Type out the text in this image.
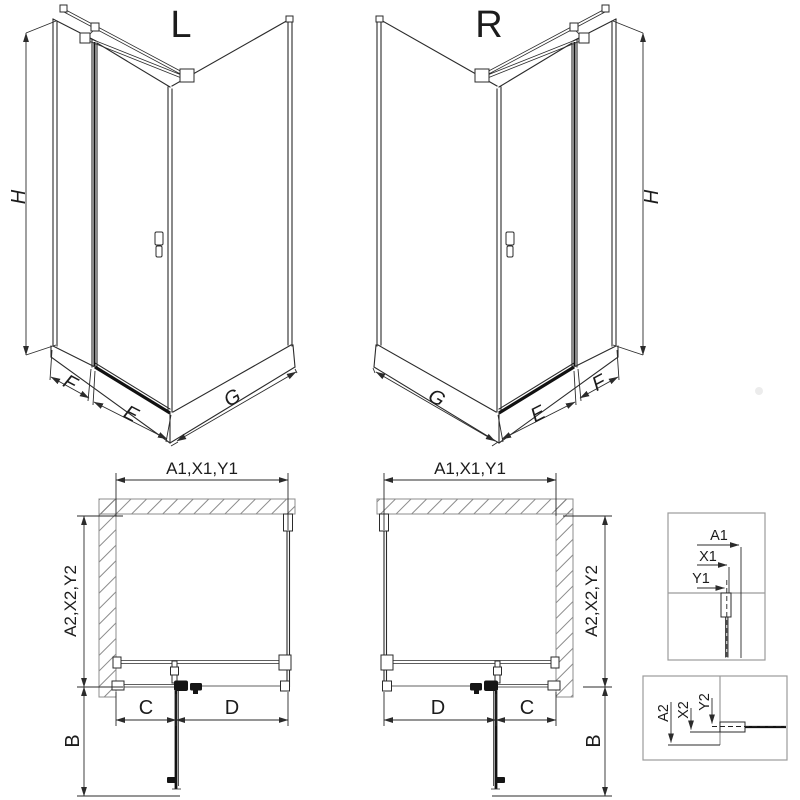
L
H
F
E
G
R
H
G
E
F
A1,X1,Y1
A2,X2,Y2
B
C	D
A1,X1,Y1
A2,X2,Y2
B
D	C
A1
X1
Y1
A2 X2 Y2
